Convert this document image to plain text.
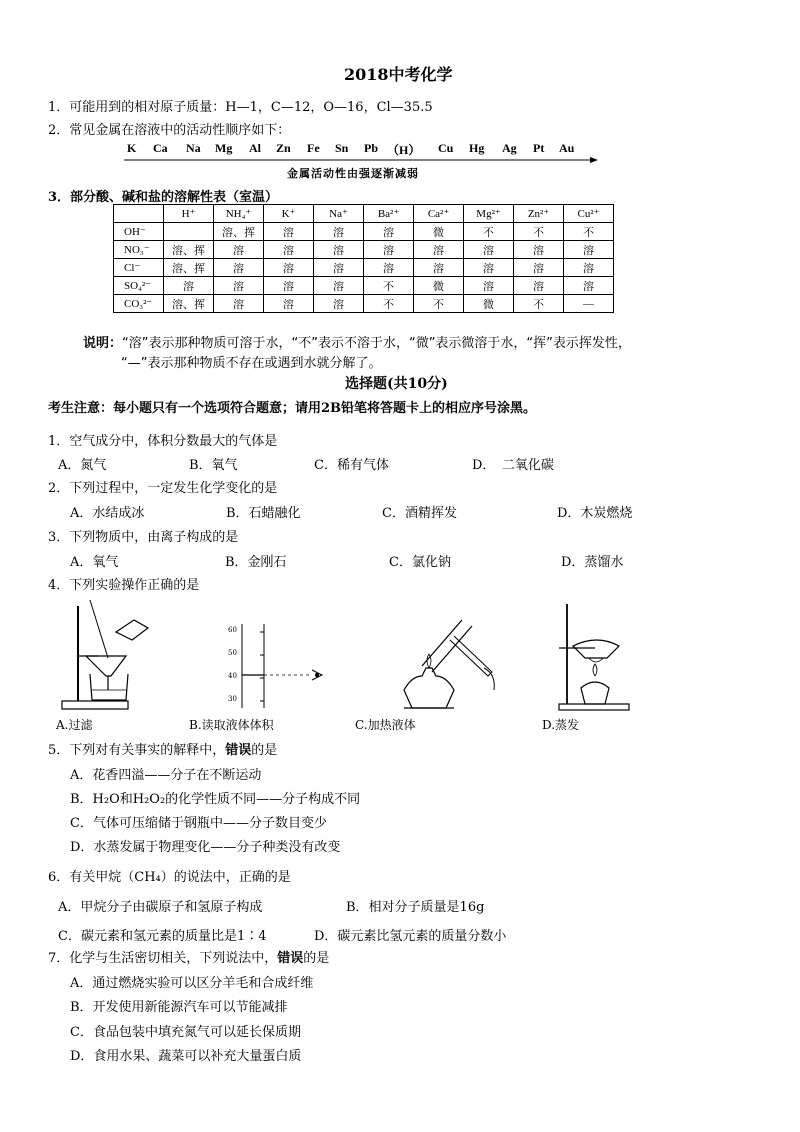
2018中考化学
1．可能用到的相对原子质量：H—1，C—12，O—16，Cl—35.5
2．常见金属在溶液中的活动性顺序如下：
K Ca Na Mg Al Zn Fe Sn Pb （H） Cu Hg Ag Pt Au
金属活动性由强逐渐减弱
3．部分酸、碱和盐的溶解性表（室温）
	H⁺	NH₄⁺	K⁺	Na⁺	Ba²⁺	Ca²⁺	Mg²⁺	Zn²⁺	Cu²⁺
OH⁻		溶、挥	溶	溶	溶	微	不	不	不
NO₃⁻	溶、挥	溶	溶	溶	溶	溶	溶	溶	溶
Cl⁻	溶、挥	溶	溶	溶	溶	溶	溶	溶	溶
SO₄²⁻	溶	溶	溶	溶	不	微	溶	溶	溶
CO₃²⁻	溶、挥	溶	溶	溶	不	不	微	不	—
说明：“溶”表示那种物质可溶于水，“不”表示不溶于水，“微”表示微溶于水，“挥”表示挥发性，
“—”表示那种物质不存在或遇到水就分解了。
选择题(共10分)
考生注意：每小题只有一个选项符合题意；请用2B铅笔将答题卡上的相应序号涂黑。
1．空气成分中，体积分数最大的气体是
A．氮气	B．氧气	C．稀有气体	D．　二氧化碳
2．下列过程中，一定发生化学变化的是
A．水结成冰	B．石蜡融化	C．酒精挥发	D．木炭燃烧
3．下列物质中，由离子构成的是
A．氧气	B．金刚石	C．氯化钠	D．蒸馏水
4．下列实验操作正确的是
A.过滤
60
50
40
30
B.读取液体体积	C.加热液体	D.蒸发
5．下列对有关事实的解释中，错误的是
A．花香四溢——分子在不断运动
B．H₂O和H₂O₂的化学性质不同——分子构成不同
C．气体可压缩储于钢瓶中——分子数目变少
D．水蒸发属于物理变化——分子种类没有改变
6．有关甲烷（CH₄）的说法中，正确的是
A．甲烷分子由碳原子和氢原子构成	B．相对分子质量是16g
C．碳元素和氢元素的质量比是1∶4	D．碳元素比氢元素的质量分数小
7．化学与生活密切相关，下列说法中，错误的是
A．通过燃烧实验可以区分羊毛和合成纤维
B．开发使用新能源汽车可以节能减排
C．食品包装中填充氮气可以延长保质期
D．食用水果、蔬菜可以补充大量蛋白质
